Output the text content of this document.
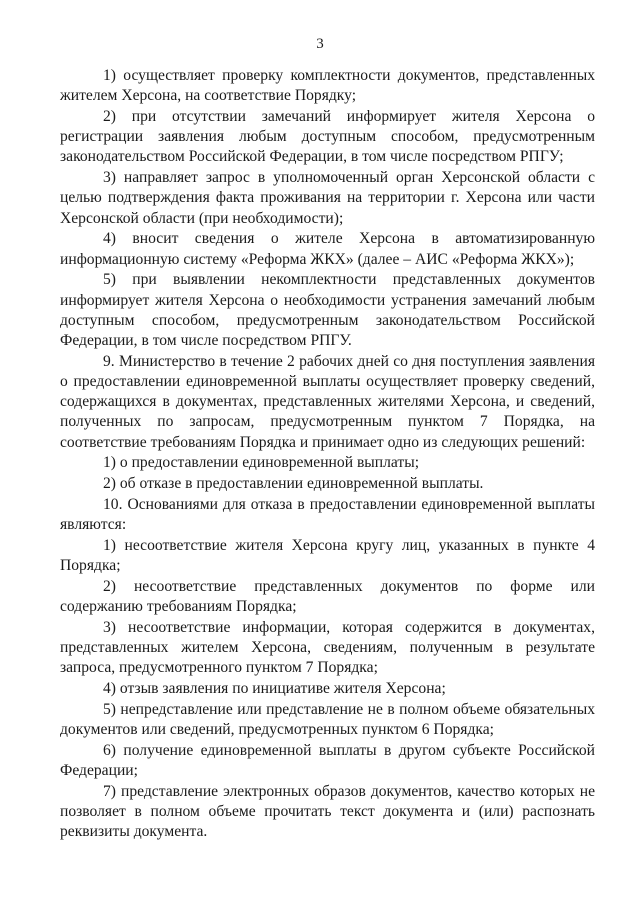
3

1) осуществляет проверку комплектности документов, представленных жителем Херсона, на соответствие Порядку;

2) при отсутствии замечаний информирует жителя Херсона о регистрации заявления любым доступным способом, предусмотренным законодательством Российской Федерации, в том числе посредством РПГУ;

3) направляет запрос в уполномоченный орган Херсонской области с целью подтверждения факта проживания на территории г. Херсона или части Херсонской области (при необходимости);

4) вносит сведения о жителе Херсона в автоматизированную информационную систему «Реформа ЖКХ» (далее – АИС «Реформа ЖКХ»);

5) при выявлении некомплектности представленных документов информирует жителя Херсона о необходимости устранения замечаний любым доступным способом, предусмотренным законодательством Российской Федерации, в том числе посредством РПГУ.

9. Министерство в течение 2 рабочих дней со дня поступления заявления о предоставлении единовременной выплаты осуществляет проверку сведений, содержащихся в документах, представленных жителями Херсона, и сведений, полученных по запросам, предусмотренным пунктом 7 Порядка, на соответствие требованиям Порядка и принимает одно из следующих решений:

1) о предоставлении единовременной выплаты;

2) об отказе в предоставлении единовременной выплаты.

10. Основаниями для отказа в предоставлении единовременной выплаты являются:

1) несоответствие жителя Херсона кругу лиц, указанных в пункте 4 Порядка;

2) несоответствие представленных документов по форме или содержанию требованиям Порядка;

3) несоответствие информации, которая содержится в документах, представленных жителем Херсона, сведениям, полученным в результате запроса, предусмотренного пунктом 7 Порядка;

4) отзыв заявления по инициативе жителя Херсона;

5) непредставление или представление не в полном объеме обязательных документов или сведений, предусмотренных пунктом 6 Порядка;

6) получение единовременной выплаты в другом субъекте Российской Федерации;

7) представление электронных образов документов, качество которых не позволяет в полном объеме прочитать текст документа и (или) распознать реквизиты документа.
